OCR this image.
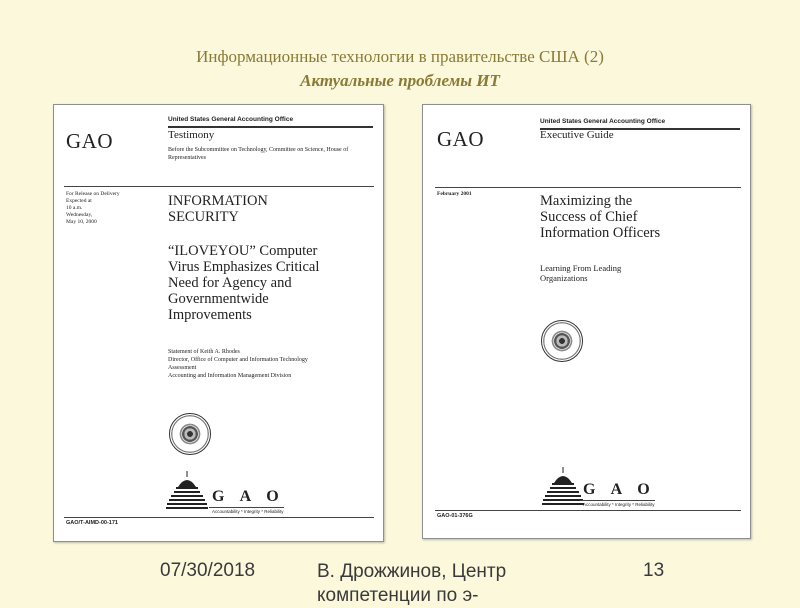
Информационные технологии в правительстве США (2)
Актуальные проблемы ИТ
United States General Accounting Office
GAO	Testimony
Before the Subcommittee on Technology, Committee on Science, House of Representatives
For Release on Delivery
Expected at
10 a.m.
Wednesday,
May 10, 2000
INFORMATION
SECURITY
“ILOVEYOU” Computer
Virus Emphasizes Critical
Need for Agency and
Governmentwide
Improvements
Statement of Keith A. Rhodes
Director, Office of Computer and Information Technology
Assessment
Accounting and Information Management Division
G A O
Accountability * Integrity * Reliability
GAO/T-AIMD-00-171
United States General Accounting Office
GAO	Executive Guide
February 2001	Maximizing the
Success of Chief
Information Officers
Learning From Leading
Organizations
G A O
Accountability * Integrity * Reliability
GAO-01-376G
07/30/2018	В. Дрожжинов, Центр
компетенции по э-
13
